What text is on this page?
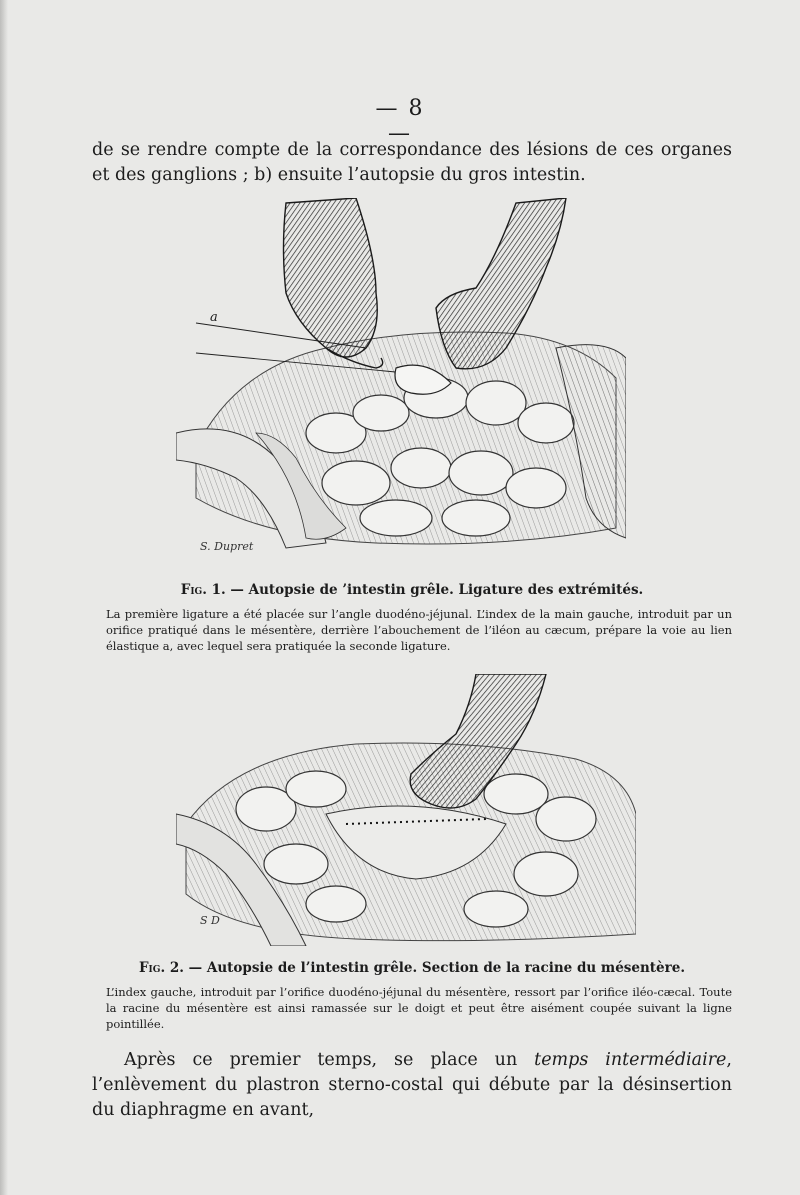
— 8 —
de se rendre compte de la correspondance des lésions de ces organes et des ganglions ; b) ensuite l’autopsie du gros intestin.
a
S. Dupret
Fig. 1. — Autopsie de ’intestin grêle. Ligature des extrémités.
La première ligature a été placée sur l’angle duodéno-jéjunal. L’index de la main gauche, introduit par un orifice pratiqué dans le mésentère, derrière l’abouchement de l’iléon au cæcum, prépare la voie au lien élastique a, avec lequel sera pratiquée la seconde ligature.
S D
Fig. 2. — Autopsie de l’intestin grêle. Section de la racine du mésentère.
L’index gauche, introduit par l’orifice duodéno-jéjunal du mésentère, ressort par l’orifice iléo-cæcal. Toute la racine du mésentère est ainsi ramassée sur le doigt et peut être aisément coupée suivant la ligne pointillée.
Après ce premier temps, se place un temps intermédiaire, l’enlèvement du plastron sterno-costal qui débute par la désinsertion du diaphragme en avant,
